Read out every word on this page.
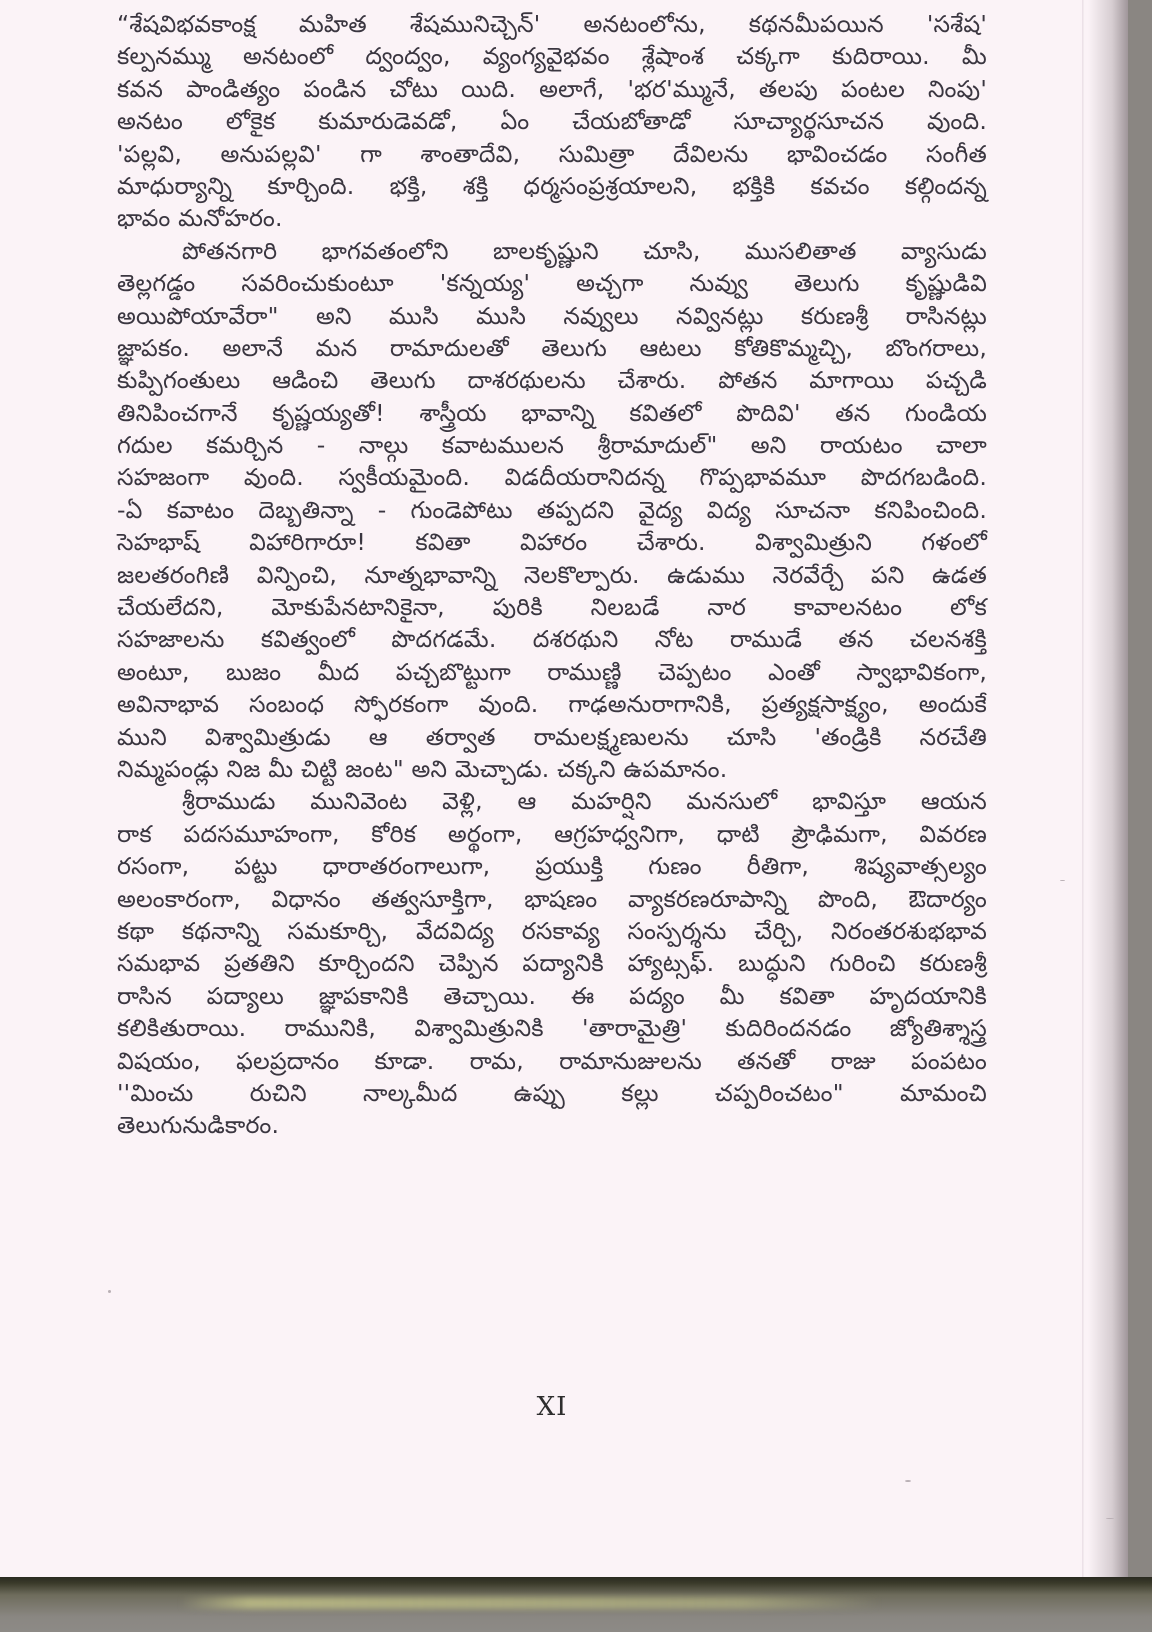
“శేషవిభవకాంక్ష మహిత శేషమునిచ్చెన్' అనటంలోను, కథనమీపయిన 'సశేష'
కల్పనమ్ము అనటంలో ద్వంద్వం, వ్యంగ్యవైభవం శ్లేషాంశ చక్కగా కుదిరాయి. మీ
కవన పాండిత్యం పండిన చోటు యిది. అలాగే, 'భర'మ్మునే, తలపు పంటల నింపు'
అనటం లోకైక కుమారుడెవడో, ఏం చేయబోతాడో సూచ్యార్థసూచన వుంది.
'పల్లవి, అనుపల్లవి' గా శాంతాదేవి, సుమిత్రా దేవిలను భావించడం సంగీత
మాధుర్యాన్ని కూర్చింది. భక్తి, శక్తి ధర్మసంప్రశ్రయాలని, భక్తికి కవచం కల్గిందన్న
భావం మనోహరం.
పోతనగారి భాగవతంలోని బాలకృష్ణుని చూసి, ముసలితాత వ్యాసుడు
తెల్లగడ్డం సవరించుకుంటూ 'కన్నయ్య' అచ్చగా నువ్వు తెలుగు కృష్ణుడివి
అయిపోయావేరా" అని ముసి ముసి నవ్వులు నవ్వినట్లు కరుణశ్రీ రాసినట్లు
జ్ఞాపకం. అలానే మన రామాదులతో తెలుగు ఆటలు కోతికొమ్మచ్చి, బొంగరాలు,
కుప్పిగంతులు ఆడించి తెలుగు దాశరథులను చేశారు. పోతన మాగాయి పచ్చడి
తినిపించగానే కృష్ణయ్యతో! శాస్త్రీయ భావాన్ని కవితలో పొదివి' తన గుండియ
గదుల కమర్చిన - నాల్గు కవాటములన శ్రీరామాదుల్" అని రాయటం చాలా
సహజంగా వుంది. స్వకీయమైంది. విడదీయరానిదన్న గొప్పభావమూ పొదగబడింది.
-ఏ కవాటం దెబ్బతిన్నా - గుండెపోటు తప్పదని వైద్య విద్య సూచనా కనిపించింది.
సెహభాష్ విహారిగారూ! కవితా విహారం చేశారు. విశ్వామిత్రుని గళంలో
జలతరంగిణి విన్పించి, నూత్నభావాన్ని నెలకొల్పారు. ఉడుము నెరవేర్చే పని ఉడత
చేయలేదని, మోకుపేనటానికైనా, పురికి నిలబడే నార కావాలనటం లోక
సహజాలను కవిత్వంలో పొదగడమే. దశరథుని నోట రాముడే తన చలనశక్తి
అంటూ, బుజం మీద పచ్చబొట్టుగా రాముణ్ణి చెప్పటం ఎంతో స్వాభావికంగా,
అవినాభావ సంబంధ స్ఫోరకంగా వుంది. గాఢఅనురాగానికి, ప్రత్యక్షసాక్ష్యం, అందుకే
ముని విశ్వామిత్రుడు ఆ తర్వాత రామలక్ష్మణులను చూసి 'తండ్రికి నరచేతి
నిమ్మపండ్లు నిజ మీ చిట్టి జంట" అని మెచ్చాడు. చక్కని ఉపమానం.
శ్రీరాముడు మునివెంట వెళ్లి, ఆ మహర్షిని మనసులో భావిస్తూ ఆయన
రాక పదసమూహంగా, కోరిక అర్థంగా, ఆగ్రహధ్వనిగా, ధాటి ప్రౌఢిమగా, వివరణ
రసంగా, పట్టు ధారాతరంగాలుగా, ప్రయుక్తి గుణం రీతిగా, శిష్యవాత్సల్యం
అలంకారంగా, విధానం తత్వసూక్తిగా, భాషణం వ్యాకరణరూపాన్ని పొంది, ఔదార్యం
కథా కథనాన్ని సమకూర్చి, వేదవిద్య రసకావ్య సంస్పర్శను చేర్చి, నిరంతరశుభభావ
సమభావ ప్రతతిని కూర్చిందని చెప్పిన పద్యానికి హ్యాట్సఫ్. బుద్ధుని గురించి కరుణశ్రీ
రాసిన పద్యాలు జ్ఞాపకానికి తెచ్చాయి. ఈ పద్యం మీ కవితా హృదయానికి
కలికితురాయి. రామునికి, విశ్వామిత్రునికి 'తారామైత్రి' కుదిరిందనడం జ్యోతిశ్శాస్త్ర
విషయం, ఫలప్రదానం కూడా. రామ, రామానుజులను తనతో రాజు పంపటం
''మించు రుచిని నాల్కమీద ఉప్పు కల్లు చప్పరించటం" మామంచి
తెలుగునుడికారం.
XI
